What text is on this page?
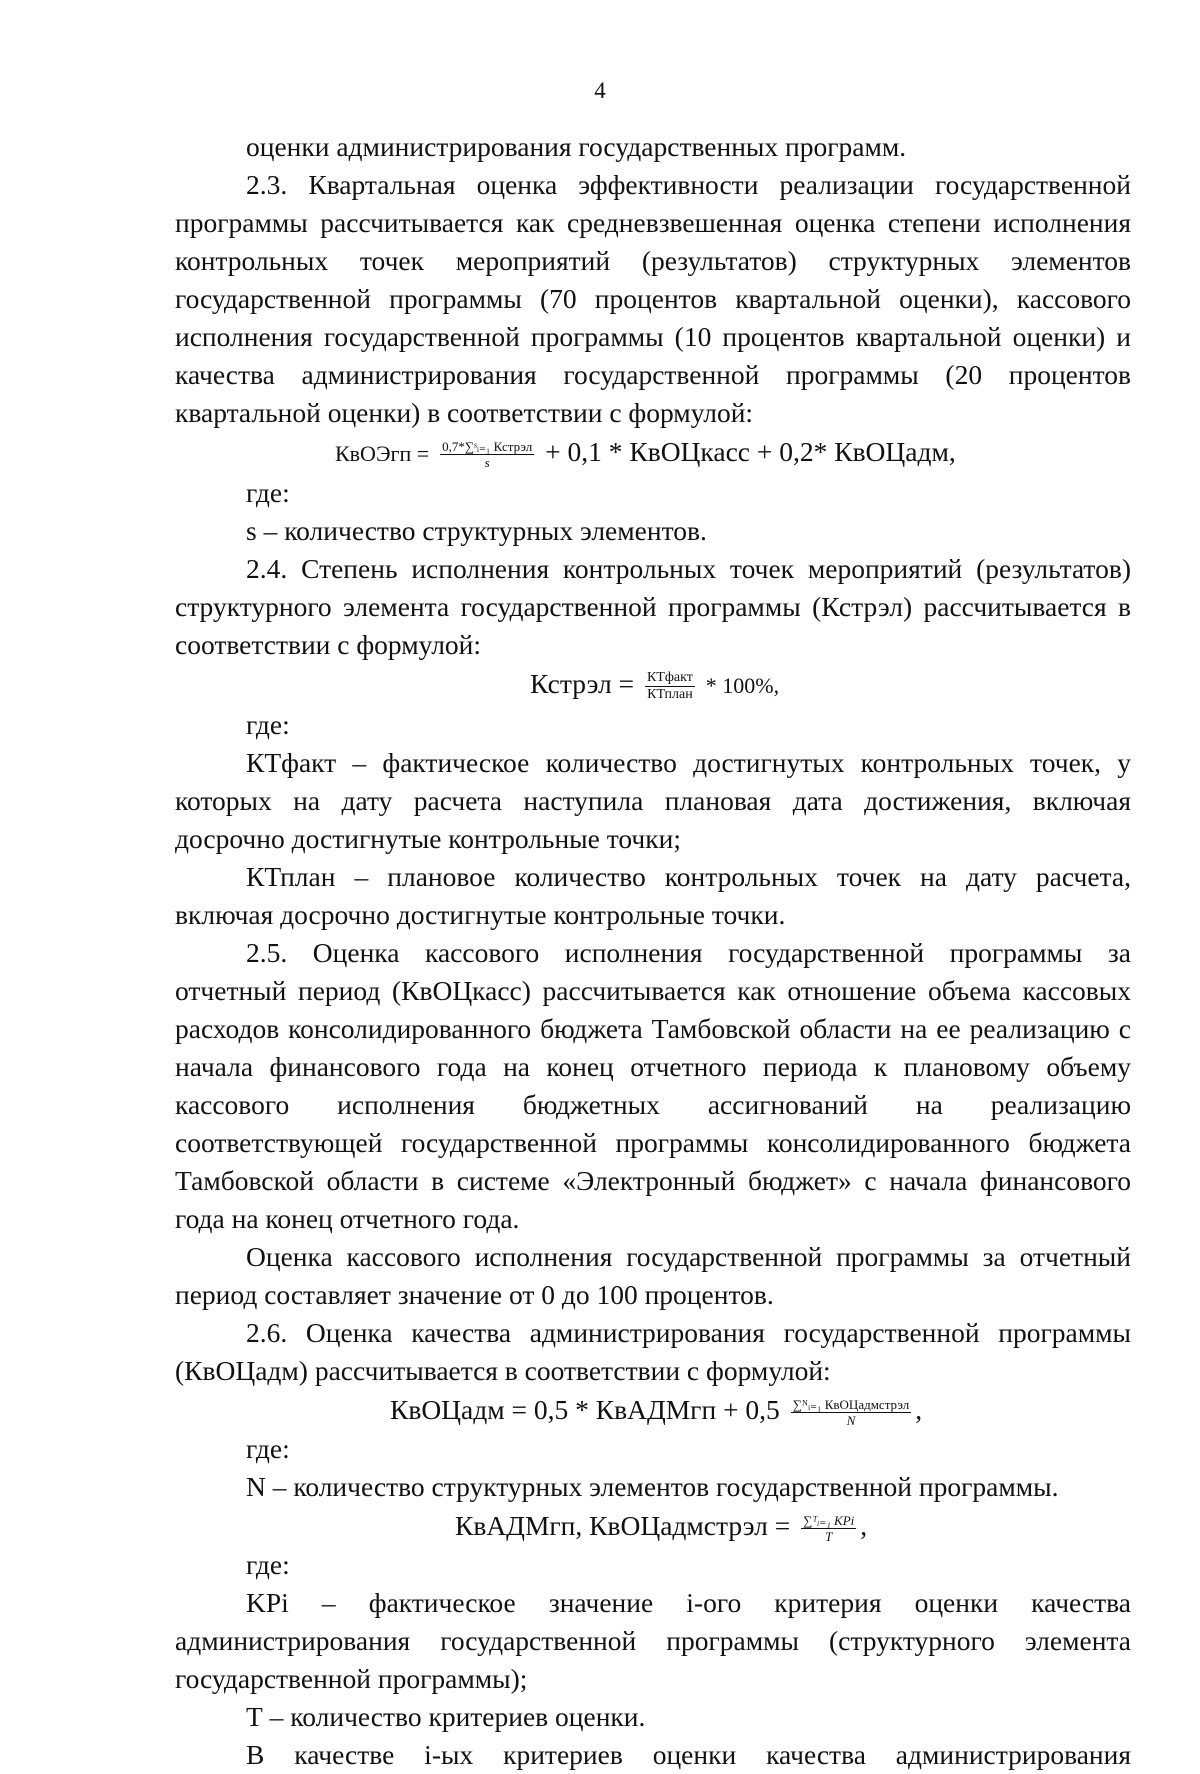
4

оценки администрирования государственных программ.

2.3. Квартальная оценка эффективности реализации государственной программы рассчитывается как средневзвешенная оценка степени исполнения контрольных точек мероприятий (результатов) структурных элементов государственной программы (70 процентов квартальной оценки), кассового исполнения государственной программы (10 процентов квартальной оценки) и качества администрирования государственной программы (20 процентов квартальной оценки) в соответствии с формулой:

КвОЭгп = $\frac{\text{0,7*∑ˢᵢ₌₁ Кстрэл}}{s} + 0,1$ * КвОЦкасс + 0,2* КвОЦадм,

где:

s – количество структурных элементов.

2.4. Степень исполнения контрольных точек мероприятий (результатов) структурного элемента государственной программы (Кстрэл) рассчитывается в соответствии с формулой:

Кстрэл = $\frac{\text{КТфакт}}{\text{КТплан}} * 100\%$,

где:

КТфакт – фактическое количество достигнутых контрольных точек, у которых на дату расчета наступила плановая дата достижения, включая досрочно достигнутые контрольные точки;

КТплан – плановое количество контрольных точек на дату расчета, включая досрочно достигнутые контрольные точки.

2.5. Оценка кассового исполнения государственной программы за отчетный период (КвОЦкасс) рассчитывается как отношение объема кассовых расходов консолидированного бюджета Тамбовской области на ее реализацию с начала финансового года на конец отчетного периода к плановому объему кассового исполнения бюджетных ассигнований на реализацию соответствующей государственной программы консолидированного бюджета Тамбовской области в системе «Электронный бюджет» с начала финансового года на конец отчетного года.

Оценка кассового исполнения государственной программы за отчетный период составляет значение от 0 до 100 процентов.

2.6. Оценка качества администрирования государственной программы (КвОЦадм) рассчитывается в соответствии с формулой:

КвОЦадм = 0,5 * КвАДМгп + $0,5 \frac{\text{∑ᴺᵢ₌₁ КвОЦадмстрэл}}{N}$ ,

где:

N – количество структурных элементов государственной программы.

КвАДМгп, КвОЦадмстрэл = $\frac{\text{∑ᵀᵢ₌₁ KPi}}{T}$ ,

где:

KPi – фактическое значение i-ого критерия оценки качества администрирования государственной программы (структурного элемента государственной программы);

Т – количество критериев оценки.

В качестве i-ых критериев оценки качества администрирования
